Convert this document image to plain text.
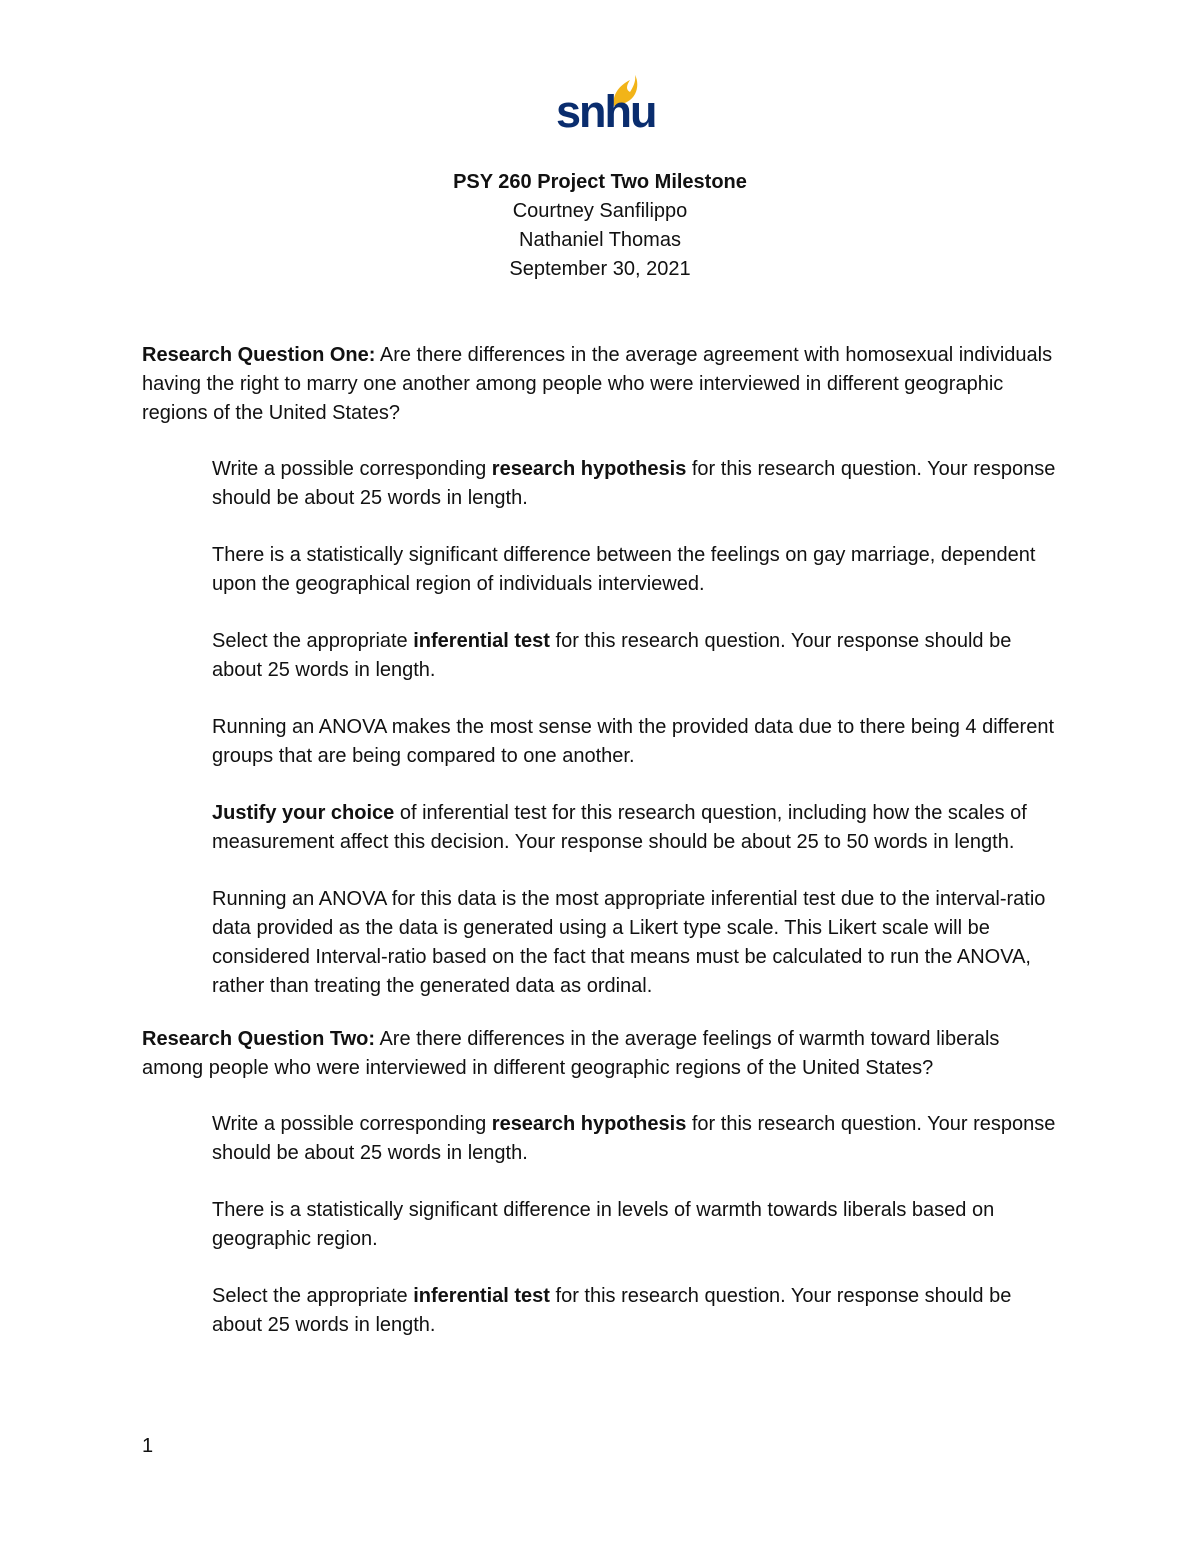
snhu

PSY 260 Project Two Milestone

Courtney Sanfilippo

Nathaniel Thomas

September 30, 2021

Research Question One: Are there differences in the average agreement with homosexual individuals having the right to marry one another among people who were interviewed in different geographic regions of the United States?

Write a possible corresponding research hypothesis for this research question. Your response should be about 25 words in length.

There is a statistically significant difference between the feelings on gay marriage, dependent upon the geographical region of individuals interviewed.

Select the appropriate inferential test for this research question. Your response should be about 25 words in length.

Running an ANOVA makes the most sense with the provided data due to there being 4 different groups that are being compared to one another.

Justify your choice of inferential test for this research question, including how the scales of measurement affect this decision. Your response should be about 25 to 50 words in length.

Running an ANOVA for this data is the most appropriate inferential test due to the interval-ratio data provided as the data is generated using a Likert type scale. This Likert scale will be considered Interval-ratio based on the fact that means must be calculated to run the ANOVA, rather than treating the generated data as ordinal.

Research Question Two: Are there differences in the average feelings of warmth toward liberals among people who were interviewed in different geographic regions of the United States?

Write a possible corresponding research hypothesis for this research question. Your response should be about 25 words in length.

There is a statistically significant difference in levels of warmth towards liberals based on geographic region.

Select the appropriate inferential test for this research question. Your response should be about 25 words in length.

1
